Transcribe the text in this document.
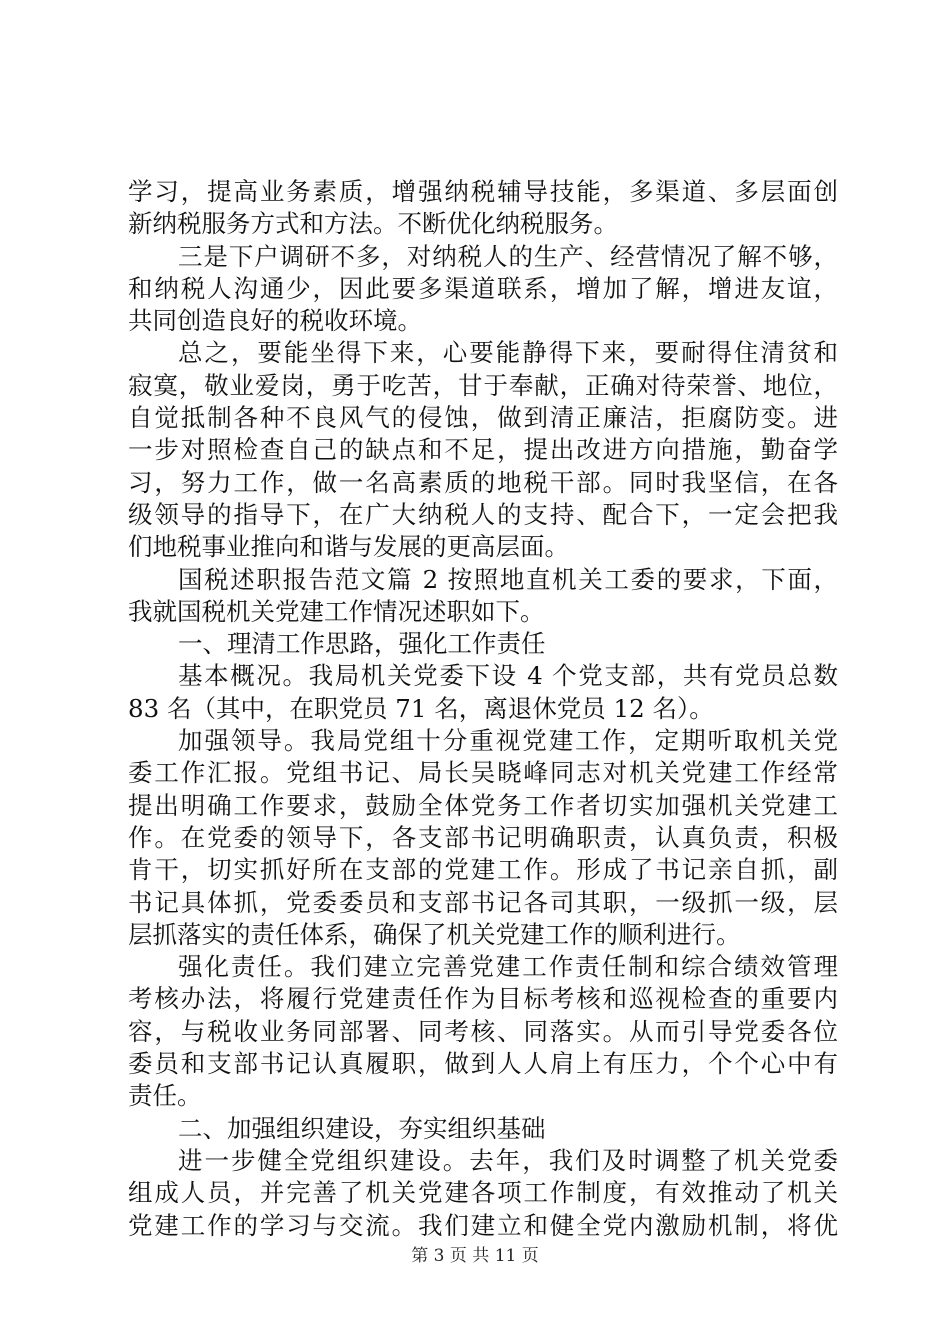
学习，提高业务素质，增强纳税辅导技能，多渠道、多层面创
新纳税服务方式和方法。不断优化纳税服务。
三是下户调研不多，对纳税人的生产、经营情况了解不够，
和纳税人沟通少，因此要多渠道联系，增加了解，增进友谊，
共同创造良好的税收环境。
总之，要能坐得下来，心要能静得下来，要耐得住清贫和
寂寞，敬业爱岗，勇于吃苦，甘于奉献，正确对待荣誉、地位，
自觉抵制各种不良风气的侵蚀，做到清正廉洁，拒腐防变。进
一步对照检查自己的缺点和不足，提出改进方向措施，勤奋学
习，努力工作，做一名高素质的地税干部。同时我坚信，在各
级领导的指导下，在广大纳税人的支持、配合下，一定会把我
们地税事业推向和谐与发展的更高层面。
国税述职报告范文篇 2 按照地直机关工委的要求，下面，
我就国税机关党建工作情况述职如下。
一、理清工作思路，强化工作责任
基本概况。我局机关党委下设 4 个党支部，共有党员总数
83 名（其中，在职党员 71 名，离退休党员 12 名）。
加强领导。我局党组十分重视党建工作，定期听取机关党
委工作汇报。党组书记、局长吴晓峰同志对机关党建工作经常
提出明确工作要求，鼓励全体党务工作者切实加强机关党建工
作。在党委的领导下，各支部书记明确职责，认真负责，积极
肯干，切实抓好所在支部的党建工作。形成了书记亲自抓，副
书记具体抓，党委委员和支部书记各司其职，一级抓一级，层
层抓落实的责任体系，确保了机关党建工作的顺利进行。
强化责任。我们建立完善党建工作责任制和综合绩效管理
考核办法，将履行党建责任作为目标考核和巡视检查的重要内
容，与税收业务同部署、同考核、同落实。从而引导党委各位
委员和支部书记认真履职，做到人人肩上有压力，个个心中有
责任。
二、加强组织建设，夯实组织基础
进一步健全党组织建设。去年，我们及时调整了机关党委
组成人员，并完善了机关党建各项工作制度，有效推动了机关
党建工作的学习与交流。我们建立和健全党内激励机制，将优
第 3 页 共 11 页
